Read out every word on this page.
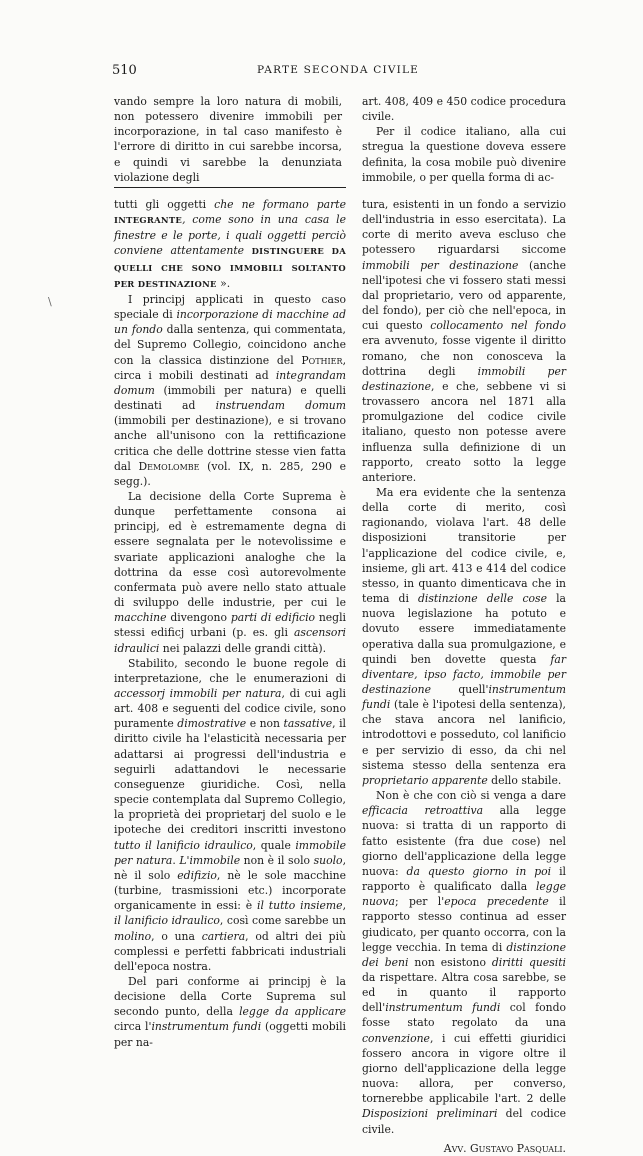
510	PARTE SECONDA CIVILE
\

vando sempre la loro natura di mobili, non potessero divenire immobili per incorporazione, in tal caso manifesto è l'errore di diritto in cui sarebbe incorsa, e quindi vi sarebbe la denunziata violazione degli

art. 408, 409 e 450 codice procedura civile.

Per il codice italiano, alla cui stregua la questione doveva essere definita, la cosa mobile può divenire immobile, o per quella forma di ac-

tutti gli oggetti che ne formano parte INTEGRANTE, come sono in una casa le finestre e le porte, i quali oggetti perciò conviene attentamente DISTINGUERE DA QUELLI CHE SONO IMMOBILI SOLTANTO PER DESTINAZIONE ».

I principj applicati in questo caso speciale di incorporazione di macchine ad un fondo dalla sentenza, qui commentata, del Supremo Collegio, coincidono anche con la classica distinzione del Pothier, circa i mobili destinati ad integrandam domum (immobili per natura) e quelli destinati ad instruendam domum (immobili per destinazione), e si trovano anche all'unisono con la rettificazione critica che delle dottrine stesse vien fatta dal Demolombe (vol. IX, n. 285, 290 e segg.).

La decisione della Corte Suprema è dunque perfettamente consona ai principj, ed è estremamente degna di essere segnalata per le notevolissime e svariate applicazioni analoghe che la dottrina da esse così autorevolmente confermata può avere nello stato attuale di sviluppo delle industrie, per cui le macchine divengono parti di edificio negli stessi edificj urbani (p. es. gli ascensori idraulici nei palazzi delle grandi città).

Stabilito, secondo le buone regole di interpretazione, che le enumerazioni di accessorj immobili per natura, di cui agli art. 408 e seguenti del codice civile, sono puramente dimostrative e non tassative, il diritto civile ha l'elasticità necessaria per adattarsi ai progressi dell'industria e seguirli adattandovi le necessarie conseguenze giuridiche. Così, nella specie contemplata dal Supremo Collegio, la proprietà dei proprietarj del suolo e le ipoteche dei creditori inscritti investono tutto il lanificio idraulico, quale immobile per natura. L'immobile non è il solo suolo, nè il solo edifizio, nè le sole macchine (turbine, trasmissioni etc.) incorporate organicamente in essi: è il tutto insieme, il lanificio idraulico, così come sarebbe un molino, o una cartiera, od altri dei più complessi e perfetti fabbricati industriali dell'epoca nostra.

Del pari conforme ai principj è la decisione della Corte Suprema sul secondo punto, della legge da applicare circa l'instrumentum fundi (oggetti mobili per na-

tura, esistenti in un fondo a servizio dell'industria in esso esercitata). La corte di merito aveva escluso che potessero riguardarsi siccome immobili per destinazione (anche nell'ipotesi che vi fossero stati messi dal proprietario, vero od apparente, del fondo), per ciò che nell'epoca, in cui questo collocamento nel fondo era avvenuto, fosse vigente il diritto romano, che non conosceva la dottrina degli immobili per destinazione, e che, sebbene vi si trovassero ancora nel 1871 alla promulgazione del codice civile italiano, questo non potesse avere influenza sulla definizione di un rapporto, creato sotto la legge anteriore.

Ma era evidente che la sentenza della corte di merito, così ragionando, violava l'art. 48 delle disposizioni transitorie per l'applicazione del codice civile, e, insieme, gli art. 413 e 414 del codice stesso, in quanto dimenticava che in tema di distinzione delle cose la nuova legislazione ha potuto e dovuto essere immediatamente operativa dalla sua promulgazione, e quindi ben dovette questa far diventare, ipso facto, immobile per destinazione quell'instrumentum fundi (tale è l'ipotesi della sentenza), che stava ancora nel lanificio, introdottovi e posseduto, col lanificio e per servizio di esso, da chi nel sistema stesso della sentenza era proprietario apparente dello stabile.

Non è che con ciò si venga a dare efficacia retroattiva alla legge nuova: si tratta di un rapporto di fatto esistente (fra due cose) nel giorno dell'applicazione della legge nuova: da questo giorno in poi il rapporto è qualificato dalla legge nuova; per l'epoca precedente il rapporto stesso continua ad esser giudicato, per quanto occorra, con la legge vecchia. In tema di distinzione dei beni non esistono diritti quesiti da rispettare. Altra cosa sarebbe, se ed in quanto il rapporto dell'instrumentum fundi col fondo fosse stato regolato da una convenzione, i cui effetti giuridici fossero ancora in vigore oltre il giorno dell'applicazione della legge nuova: allora, per converso, tornerebbe applicabile l'art. 2 delle Disposizioni preliminari del codice civile.

Avv. Gustavo Pasquali.
